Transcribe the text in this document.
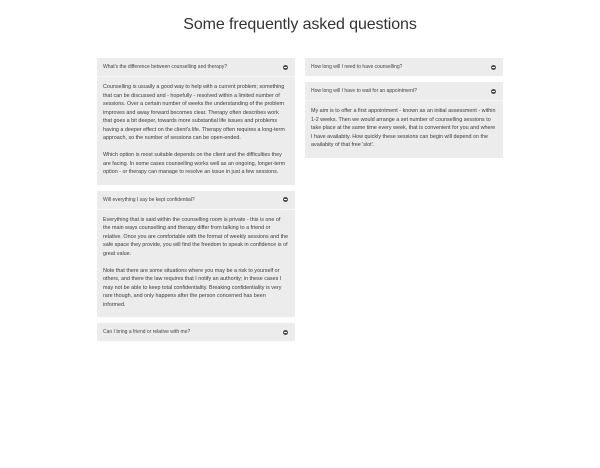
Some frequently asked questions
What's the difference between counselling and therapy?

Counselling is usually a good way to help with a current problem; something that can be discussed and - hopefully - resolved within a limited number of sessions. Over a certain number of weeks the understanding of the problem improves and away forward becomes clear. Therapy often describes work that goes a bit deeper, towards more substantial life issues and problems having a deeper effect on the client's life. Therapy often requires a long-term approach, so the number of sessions can be open-ended.

Which option is most suitable depends on the client and the difficulties they are facing. In some cases counselling works well as an ongoing, longer-term option - or therapy can manage to resolve an issue in just a few sessions.

Will everything I say be kept confidential?

Everything that is said within the counselling room is private - this is one of the main ways counselling and therapy differ from talking to a friend or relative. Once you are comfortable with the format of weekly sessions and the safe space they provide, you will find the freedom to speak in confidence is of great value.

Note that there are some situations where you may be a risk to yourself or others, and there the law requires that I notify an authority; in these cases I may not be able to keep total confidentiality. Breaking confidentiality is very rare though, and only happens after the person concerned has been informed.

Can I bring a friend or relative with me?
How long will I need to have counselling?
How long will I have to wait for an appointment?

My aim is to offer a first appointment - known as an initial assessment - within 1-2 weeks. Then we would arrange a set number of counselling sessions to take place at the same time every week, that is convenient for you and where I have availabity. How quickly these sessions can begin will depend on the availabity of that free 'slot'.
